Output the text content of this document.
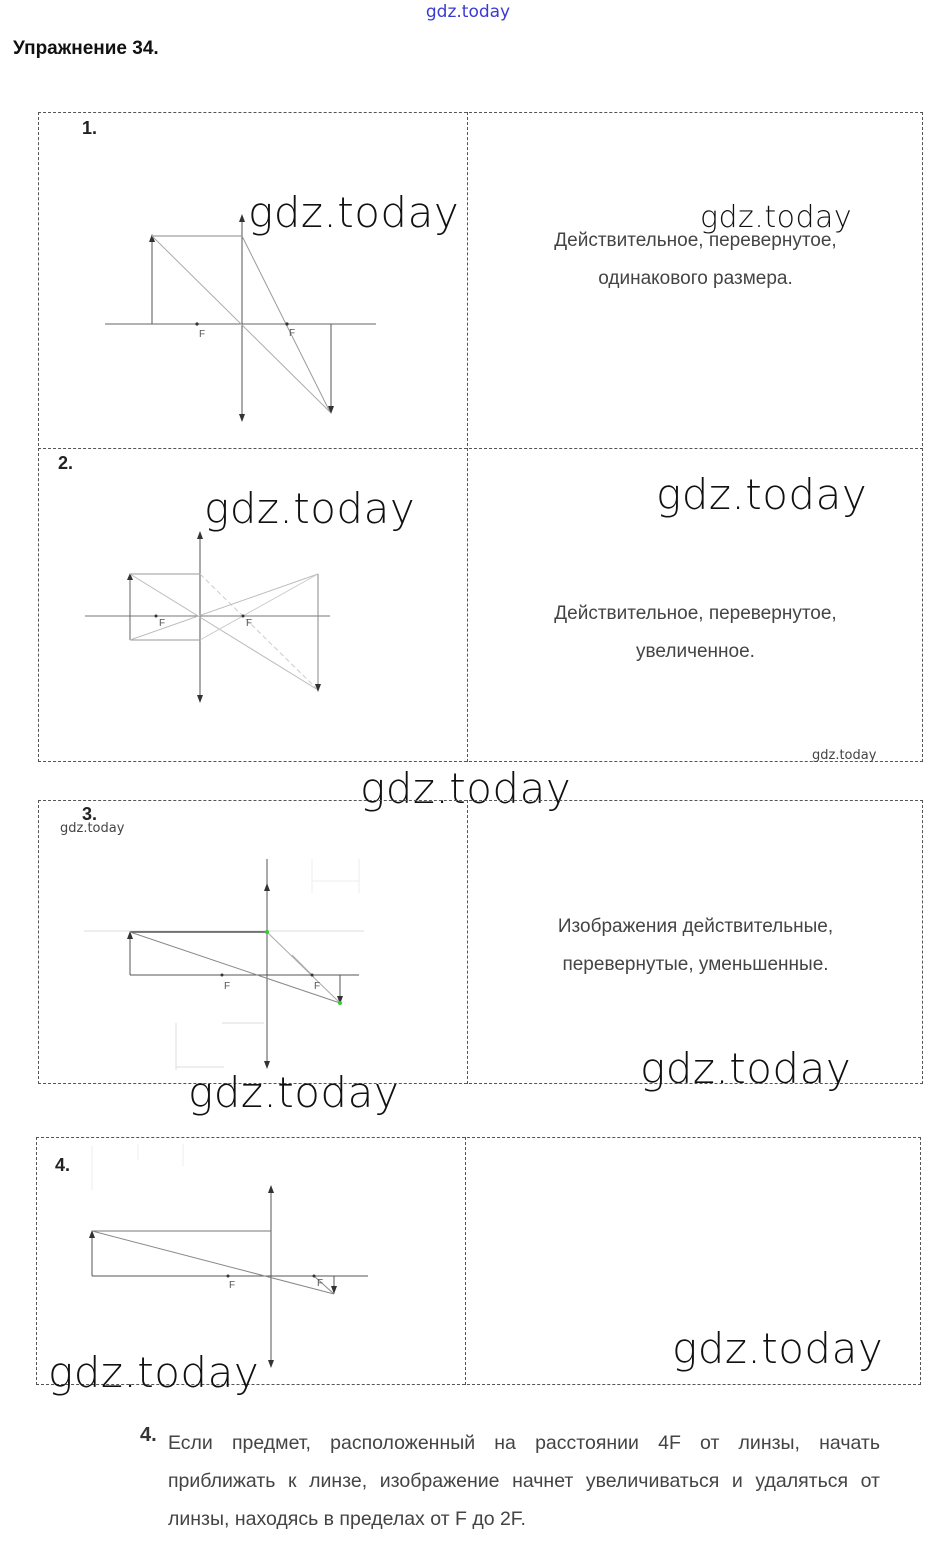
gdz.today
Упражнение 34.
1.
F	F
gdz.today	gdz.today
Действительное, перевернутое,
одинакового размера.
2.
gdz.today	gdz.today
F	F	Действительное, перевернутое,
увеличенное.
gdz.today
gdz.today
3.
gdz.today
F	F
Изображения действительные,
перевернутые, уменьшенные.
gdz.today
gdz.today
4.
F	F
gdz.today
gdz.today
4. Если предмет, расположенный на расстоянии 4F от линзы, начать приближать к линзе, изображение начнет увеличиваться и удаляться от линзы, находясь в пределах от F до 2F.
